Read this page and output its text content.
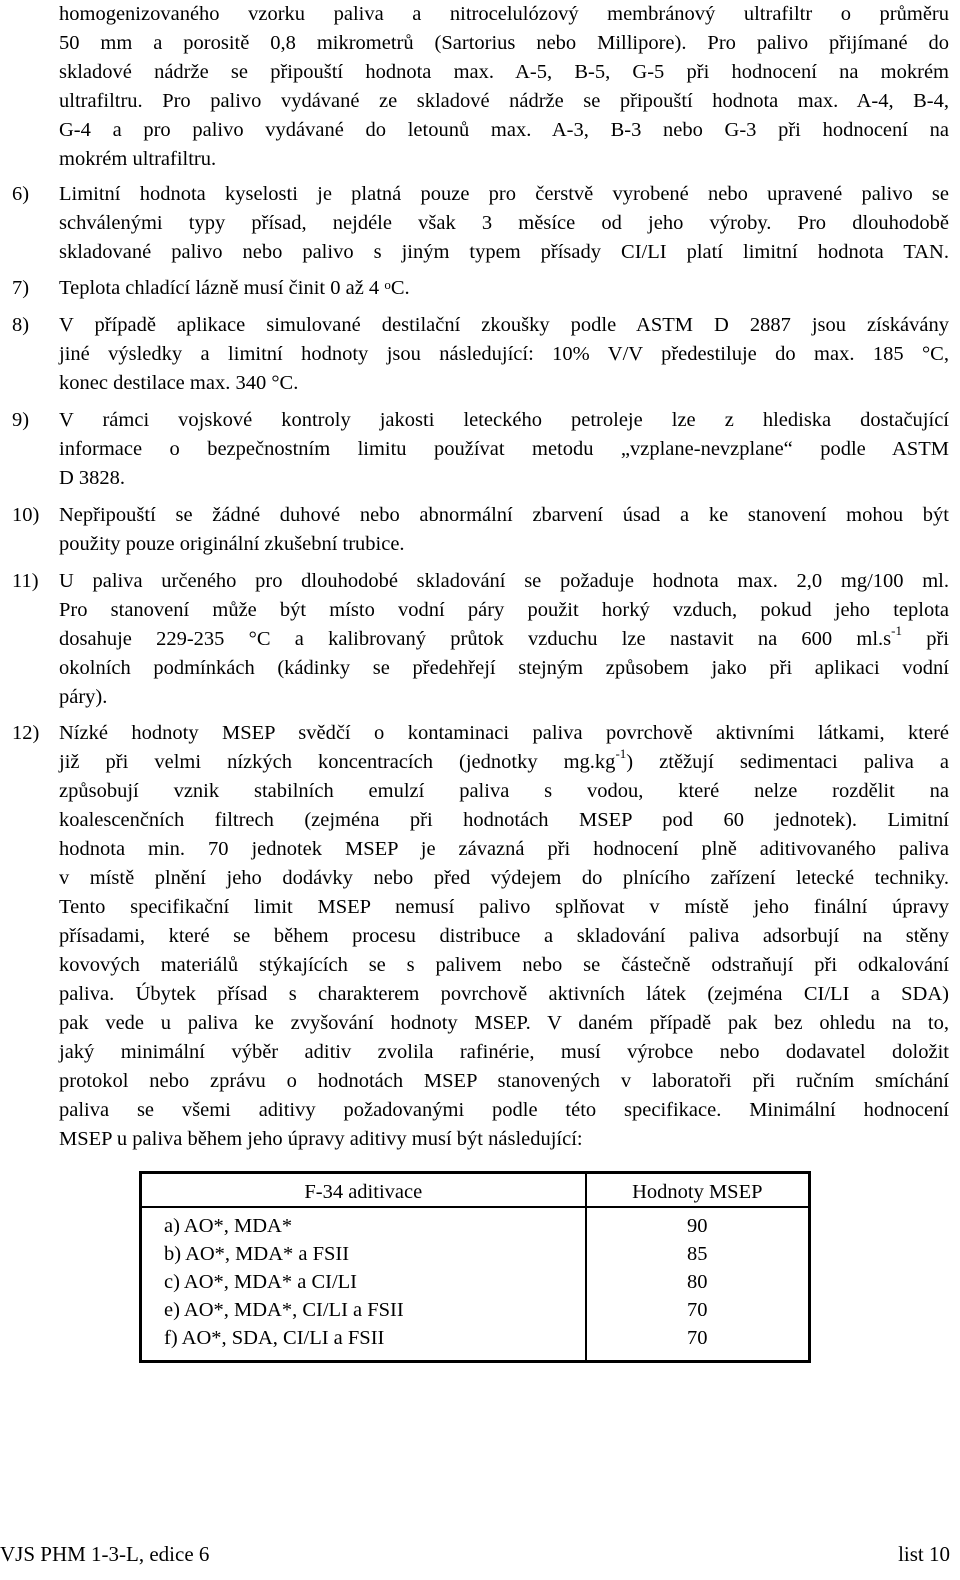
homogenizovaného vzorku paliva a nitrocelulózový membránový ultrafiltr o průměru
50 mm a porositě 0,8 mikrometrů (Sartorius nebo Millipore). Pro palivo přijímané do
skladové nádrže se připouští hodnota max. A-5, B-5, G-5 při hodnocení na mokrém
ultrafiltru. Pro palivo vydávané ze skladové nádrže se připouští hodnota max. A-4, B-4,
G-4 a pro palivo vydávané do letounů max. A-3, B-3 nebo G-3 při hodnocení na
mokrém ultrafiltru.
6) Limitní hodnota kyselosti je platná pouze pro čerstvě vyrobené nebo upravené palivo se
schválenými typy přísad, nejdéle však 3 měsíce od jeho výroby. Pro dlouhodobě
skladované palivo nebo palivo s jiným typem přísady CI/LI platí limitní hodnota TAN.
7) Teplota chladící lázně musí činit 0 až 4 $^o$C.
8) V případě aplikace simulované destilační zkoušky podle ASTM D 2887 jsou získávány
jiné výsledky a limitní hodnoty jsou následující: 10% V/V předestiluje do max. 185 °C,
konec destilace max. 340 °C.
9) V rámci vojskové kontroly jakosti leteckého petroleje lze z hlediska dostačující
informace o bezpečnostním limitu používat metodu „vzplane-nevzplane“ podle ASTM
D 3828.
10) Nepřipouští se žádné duhové nebo abnormální zbarvení úsad a ke stanovení mohou být
použity pouze originální zkušební trubice.
11) U paliva určeného pro dlouhodobé skladování se požaduje hodnota max. 2,0 mg/100 ml.
Pro stanovení může být místo vodní páry použit horký vzduch, pokud jeho teplota
dosahuje 229-235 °C a kalibrovaný průtok vzduchu lze nastavit na 600 $ml.s^{-1}$ při
okolních podmínkách (kádinky se předehřejí stejným způsobem jako při aplikaci vodní
páry).
12) Nízké hodnoty MSEP svědčí o kontaminaci paliva povrchově aktivními látkami, které
již při velmi nízkých koncentracích (jednotky $mg.kg^{-1}$) ztěžují sedimentaci paliva a
způsobují vznik stabilních emulzí paliva s vodou, které nelze rozdělit na
koalescenčních filtrech (zejména při hodnotách MSEP pod 60 jednotek). Limitní
hodnota min. 70 jednotek MSEP je závazná při hodnocení plně aditivovaného paliva
v místě plnění jeho dodávky nebo před výdejem do plnícího zařízení letecké techniky.
Tento specifikační limit MSEP nemusí palivo splňovat v místě jeho finální úpravy
přísadami, které se během procesu distribuce a skladování paliva adsorbují na stěny
kovových materiálů stýkajících se s palivem nebo se částečně odstraňují při odkalování
paliva. Úbytek přísad s charakterem povrchově aktivních látek (zejména CI/LI a SDA)
pak vede u paliva ke zvyšování hodnoty MSEP. V daném případě pak bez ohledu na to,
jaký minimální výběr aditiv zvolila rafinérie, musí výrobce nebo dodavatel doložit
protokol nebo zprávu o hodnotách MSEP stanovených v laboratoři při ručním smíchání
paliva se všemi aditivy požadovanými podle této specifikace. Minimální hodnocení
MSEP u paliva během jeho úpravy aditivy musí být následující:
F-34 aditivace	Hodnoty MSEP
a) AO*, MDA*	90
b) AO*, MDA* a FSII	85
c) AO*, MDA* a CI/LI	80
e) AO*, MDA*, CI/LI a FSII	70
f) AO*, SDA, CI/LI a FSII	70
VJS PHM 1-3-L, edice 6	list 10
